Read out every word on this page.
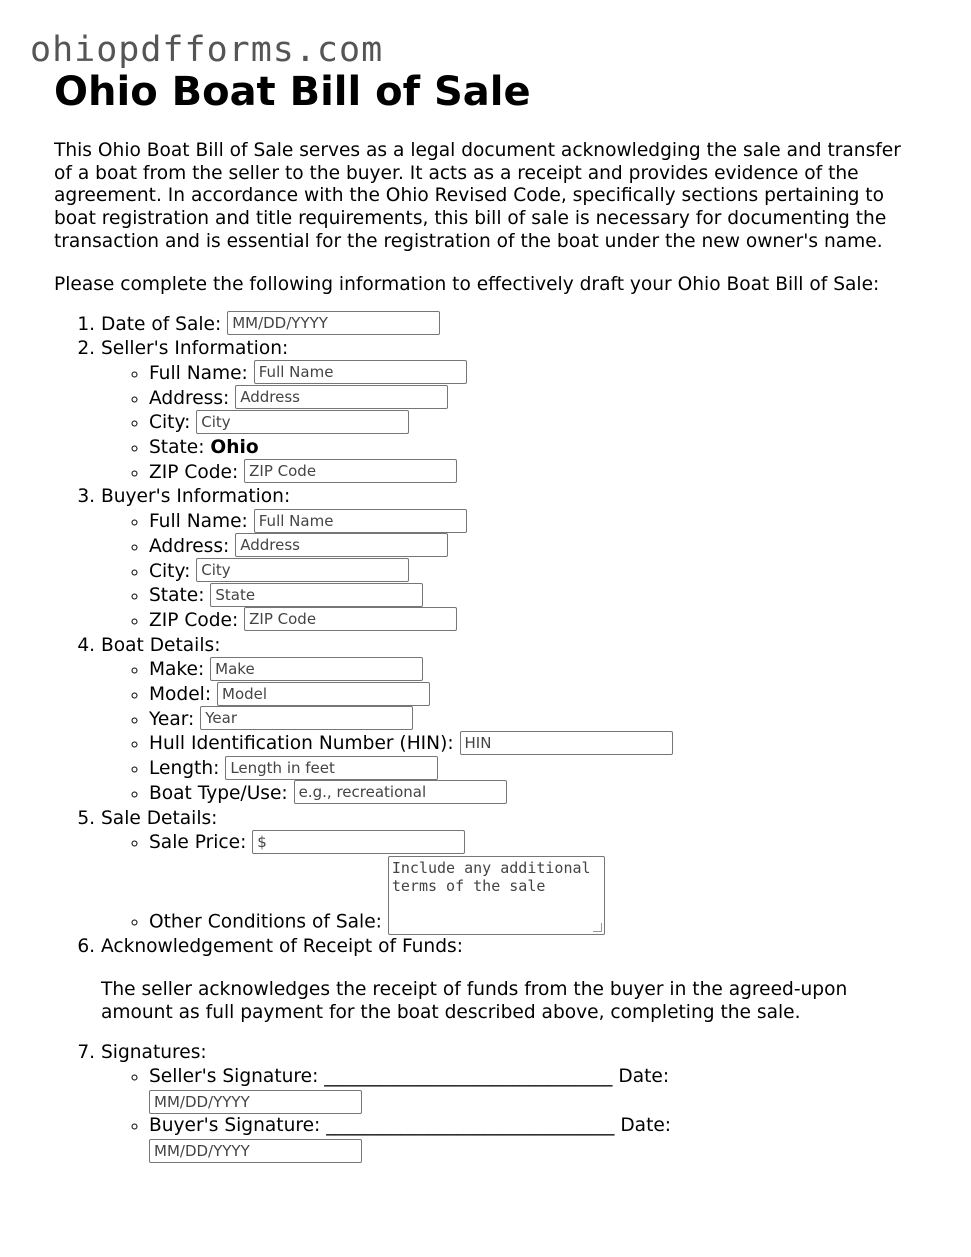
ohiopdfforms.com
Ohio Boat Bill of Sale

This Ohio Boat Bill of Sale serves as a legal document acknowledging the sale and transfer of a boat from the seller to the buyer. It acts as a receipt and provides evidence of the agreement. In accordance with the Ohio Revised Code, specifically sections pertaining to boat registration and title requirements, this bill of sale is necessary for documenting the transaction and is essential for the registration of the boat under the new owner's name.

Please complete the following information to effectively draft your Ohio Boat Bill of Sale:

1. Date of Sale: MM/DD/YYYY
2. Seller's Information:
◦ Full Name: Full Name
◦ Address: Address
◦ City: City
◦ State: Ohio
◦ ZIP Code: ZIP Code
3. Buyer's Information:
◦ Full Name: Full Name
◦ Address: Address
◦ City: City
◦ State: State
◦ ZIP Code: ZIP Code
4. Boat Details:
◦ Make: Make
◦ Model: Model
◦ Year: Year
◦ Hull Identification Number (HIN): HIN
◦ Length: Length in feet
◦ Boat Type/Use: e.g., recreational
5. Sale Details:
◦ Sale Price: $
◦ Other Conditions of Sale: Include any additional terms of the sale
6. Acknowledgement of Receipt of Funds:

The seller acknowledges the receipt of funds from the buyer in the agreed-upon amount as full payment for the boat described above, completing the sale.

7. Signatures:
◦ Seller's Signature: _______________________________ Date:
MM/DD/YYYY
◦ Buyer's Signature: _______________________________ Date:
MM/DD/YYYY
